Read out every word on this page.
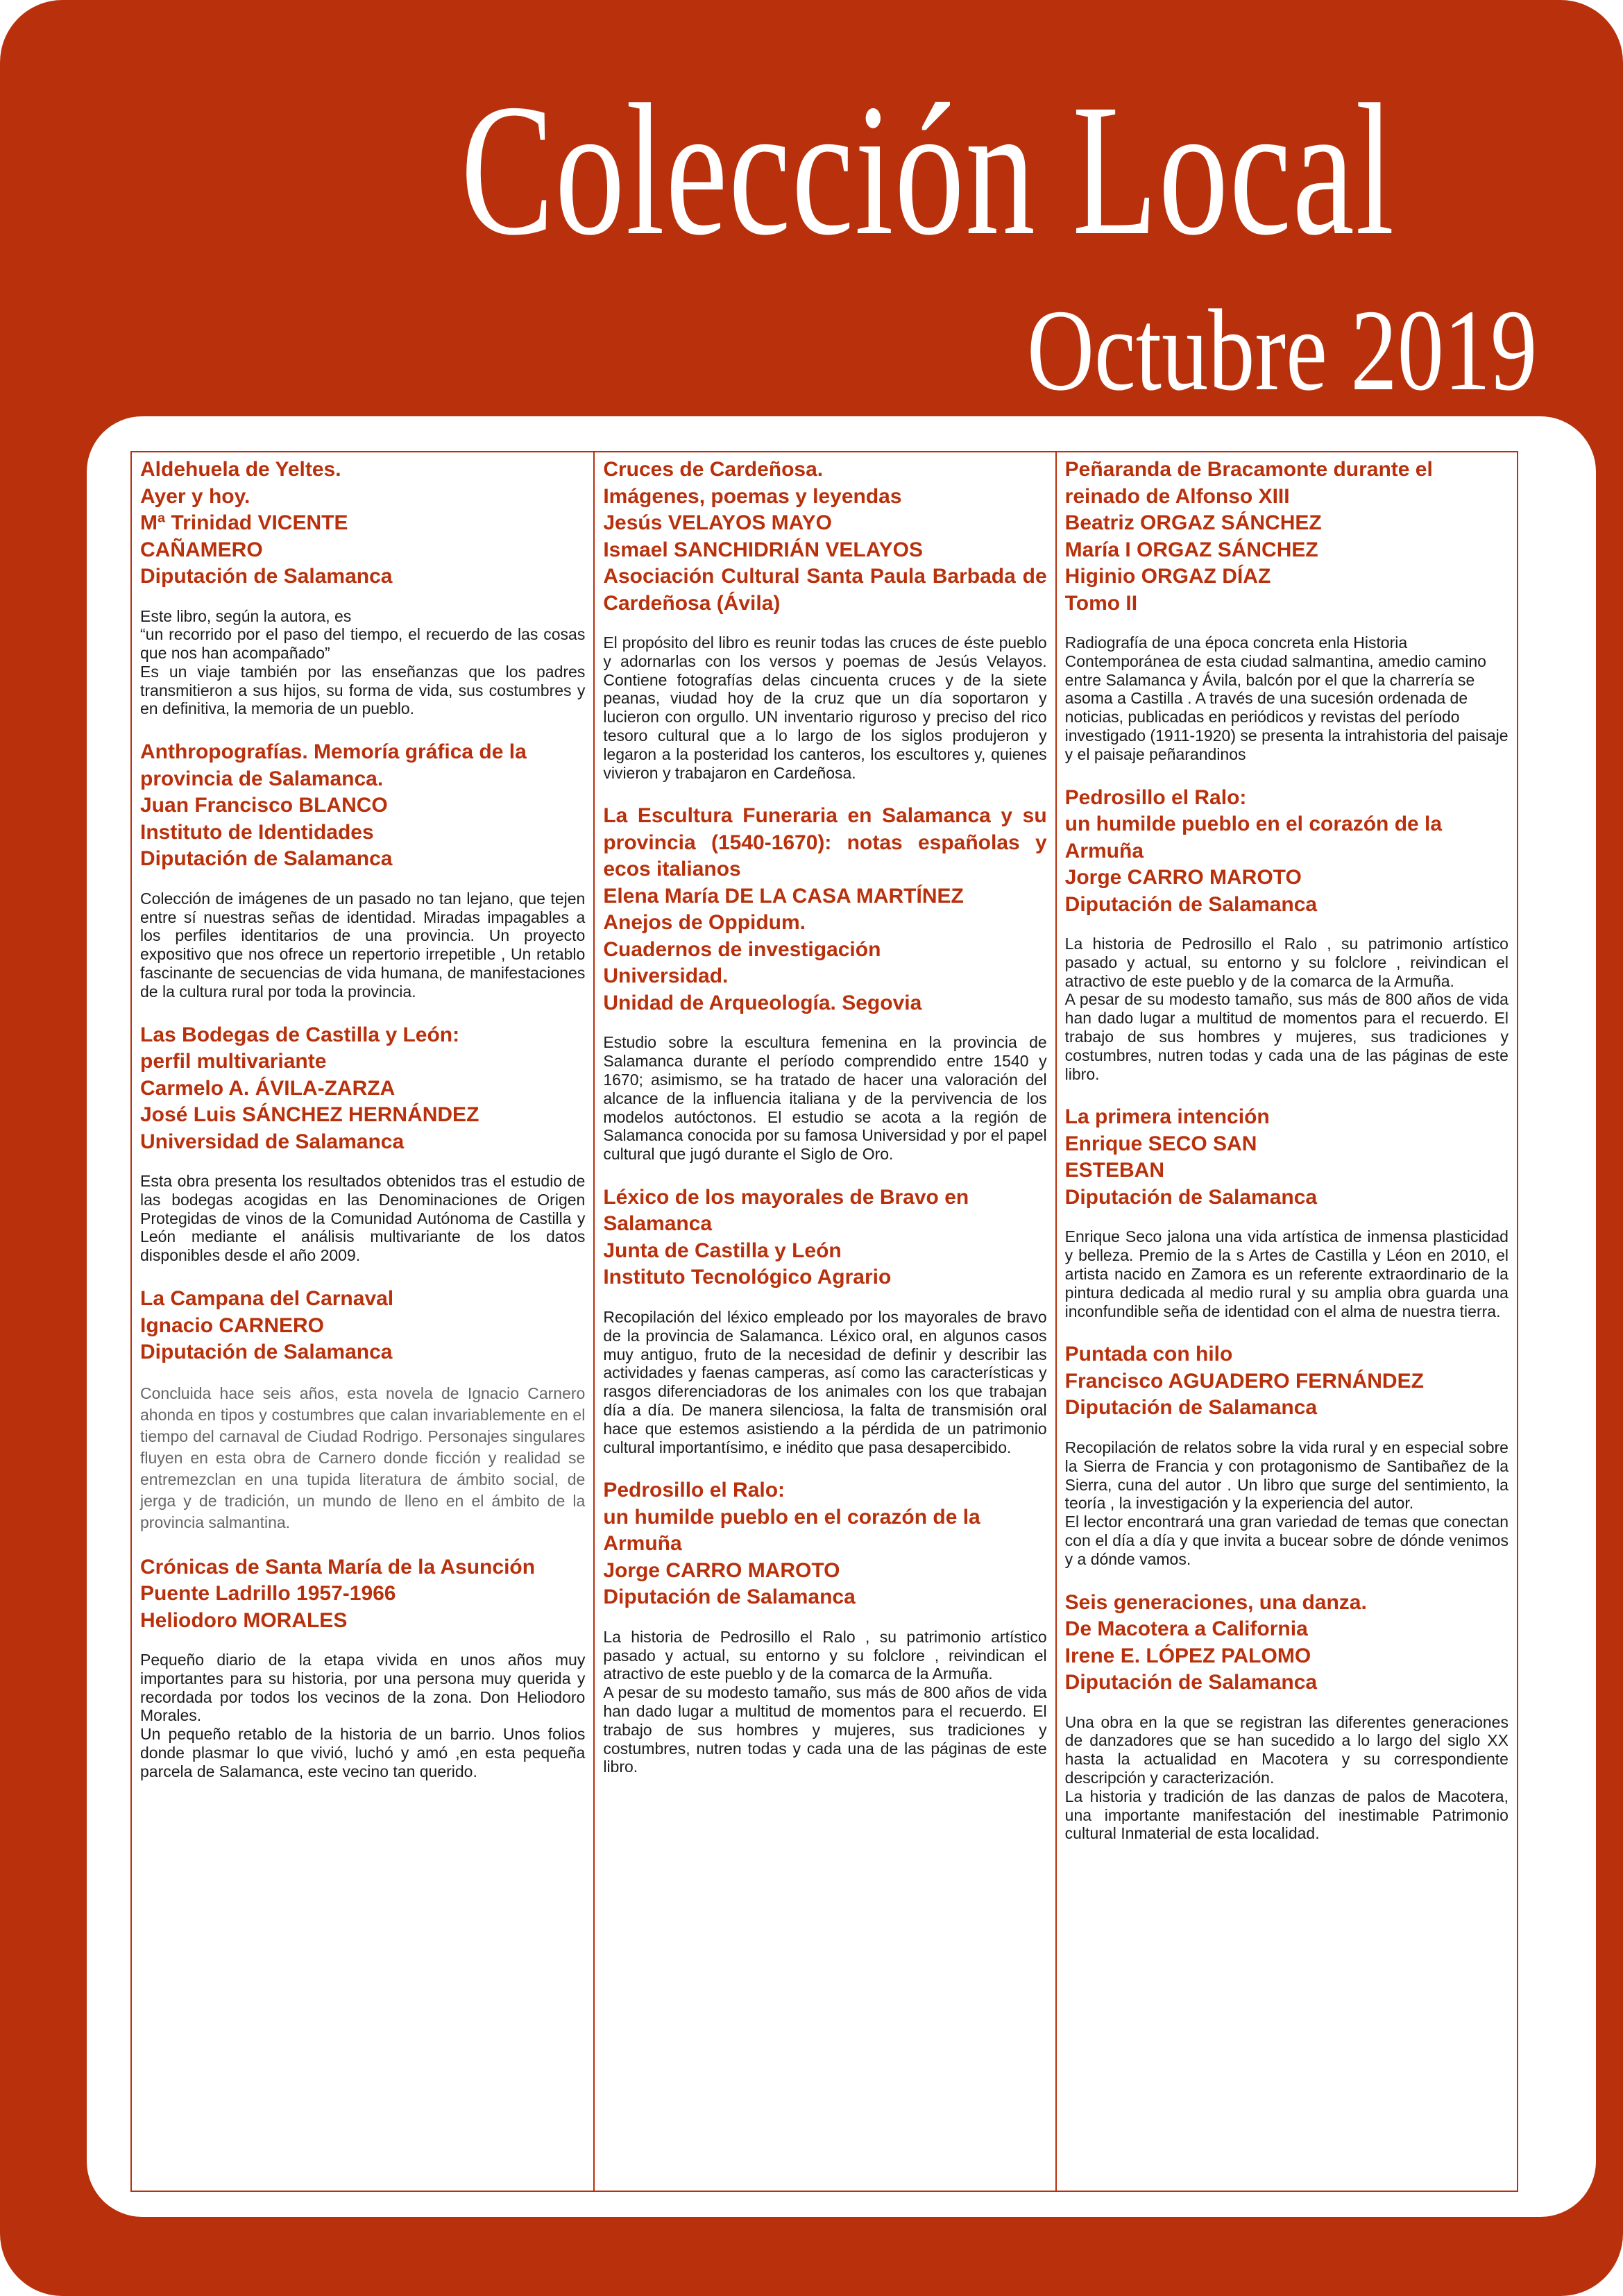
Colección Local
Octubre 2019
Aldehuela de Yeltes.
Ayer y hoy.
Mª Trinidad VICENTE
CAÑAMERO
Diputación de Salamanca
Este libro, según la autora, es
“un recorrido por el paso del tiempo, el recuerdo de las cosas que nos han acompañado”
Es un viaje también por las enseñanzas que los padres transmitieron a sus hijos, su forma de vida, sus costumbres y en definitiva, la memoria de un pueblo.
Anthropografías. Memoría gráfica de la provincia de Salamanca.
Juan Francisco BLANCO
Instituto de Identidades
Diputación de Salamanca
Colección de imágenes de un pasado no tan lejano, que tejen entre sí nuestras señas de identidad. Miradas impagables a los perfiles identitarios de una provincia. Un proyecto expositivo que nos ofrece un repertorio irrepetible , Un retablo fascinante de secuencias de vida humana, de manifestaciones de la cultura rural por toda la provincia.
Las Bodegas de Castilla y León:
perfil multivariante
Carmelo A. ÁVILA-ZARZA
José Luis SÁNCHEZ HERNÁNDEZ
Universidad de Salamanca
Esta obra presenta los resultados obtenidos tras el estudio de las bodegas acogidas en las Denominaciones de Origen Protegidas de vinos de la Comunidad Autónoma de Castilla y León mediante el análisis multivariante de los datos disponibles desde el año 2009.
La Campana del Carnaval
Ignacio CARNERO
Diputación de Salamanca
Concluida hace seis años, esta novela de Ignacio Carnero ahonda en tipos y costumbres que calan invariablemente en el tiempo del carnaval de Ciudad Rodrigo. Personajes singulares fluyen en esta obra de Carnero donde ficción y realidad se entremezclan en una tupida literatura de ámbito social, de jerga y de tradición, un mundo de lleno en el ámbito de la provincia salmantina.
Crónicas de Santa María de la Asunción
Puente Ladrillo 1957-1966
Heliodoro MORALES
Pequeño diario de la etapa vivida en unos años muy importantes para su historia, por una persona muy querida y recordada por todos los vecinos de la zona. Don Heliodoro Morales.
Un pequeño retablo de la historia de un barrio. Unos folios donde plasmar lo que vivió, luchó y amó ,en esta pequeña parcela de Salamanca, este vecino tan querido.
Cruces de Cardeñosa.
Imágenes, poemas y leyendas
Jesús VELAYOS MAYO
Ismael SANCHIDRIÁN VELAYOS
Asociación Cultural Santa Paula Barbada de Cardeñosa (Ávila)
El propósito del libro es reunir todas las cruces de éste pueblo y adornarlas con los versos y poemas de Jesús Velayos. Contiene fotografías delas cincuenta cruces y de la siete peanas, viudad hoy de la cruz que un día soportaron y lucieron con orgullo. UN inventario riguroso y preciso del rico tesoro cultural que a lo largo de los siglos produjeron y legaron a la posteridad los canteros, los escultores y, quienes vivieron y trabajaron en Cardeñosa.
La Escultura Funeraria en Salamanca y su provincia (1540-1670): notas españolas y ecos italianos
Elena María DE LA CASA MARTÍNEZ
Anejos de Oppidum.
Cuadernos de investigación
Universidad.
Unidad de Arqueología. Segovia
Estudio sobre la escultura femenina en la provincia de Salamanca durante el período comprendido entre 1540 y 1670; asimismo, se ha tratado de hacer una valoración del alcance de la influencia italiana y de la pervivencia de los modelos autóctonos. El estudio se acota a la región de Salamanca conocida por su famosa Universidad y por el papel cultural que jugó durante el Siglo de Oro.
Léxico de los mayorales de Bravo en Salamanca
Junta de Castilla y León
Instituto Tecnológico Agrario
Recopilación del léxico empleado por los mayorales de bravo de la provincia de Salamanca. Léxico oral, en algunos casos muy antiguo, fruto de la necesidad de definir y describir las actividades y faenas camperas, así como las características y rasgos diferenciadoras de los animales con los que trabajan día a día. De manera silenciosa, la falta de transmisión oral hace que estemos asistiendo a la pérdida de un patrimonio cultural importantísimo, e inédito que pasa desapercibido.
Pedrosillo el Ralo:
un humilde pueblo en el corazón de la Armuña
Jorge CARRO MAROTO
Diputación de Salamanca
La historia de Pedrosillo el Ralo , su patrimonio artístico pasado y actual, su entorno y su folclore , reivindican el atractivo de este pueblo y de la comarca de la Armuña.
A pesar de su modesto tamaño, sus más de 800 años de vida han dado lugar a multitud de momentos para el recuerdo. El trabajo de sus hombres y mujeres, sus tradiciones y costumbres, nutren todas y cada una de las páginas de este libro.
Peñaranda de Bracamonte durante el reinado de Alfonso XIII
Beatriz ORGAZ SÁNCHEZ
María I ORGAZ SÁNCHEZ
Higinio ORGAZ DÍAZ
Tomo II
Radiografía de una época concreta enla Historia Contemporánea de esta ciudad salmantina, amedio camino entre Salamanca y Ávila, balcón por el que la charrería se asoma a Castilla . A través de una sucesión ordenada de noticias, publicadas en periódicos y revistas del período investigado (1911-1920) se presenta la intrahistoria del paisaje y el paisaje peñarandinos
Pedrosillo el Ralo:
un humilde pueblo en el corazón de la Armuña
Jorge CARRO MAROTO
Diputación de Salamanca
La historia de Pedrosillo el Ralo , su patrimonio artístico pasado y actual, su entorno y su folclore , reivindican el atractivo de este pueblo y de la comarca de la Armuña.
A pesar de su modesto tamaño, sus más de 800 años de vida han dado lugar a multitud de momentos para el recuerdo. El trabajo de sus hombres y mujeres, sus tradiciones y costumbres, nutren todas y cada una de las páginas de este libro.
La primera intención
Enrique SECO SAN
ESTEBAN
Diputación de Salamanca
Enrique Seco jalona una vida artística de inmensa plasticidad y belleza. Premio de la s Artes de Castilla y Léon en 2010, el artista nacido en Zamora es un referente extraordinario de la pintura dedicada al medio rural y su amplia obra guarda una inconfundible seña de identidad con el alma de nuestra tierra.
Puntada con hilo
Francisco AGUADERO FERNÁNDEZ
Diputación de Salamanca
Recopilación de relatos sobre la vida rural y en especial sobre la Sierra de Francia y con protagonismo de Santibañez de la Sierra, cuna del autor . Un libro que surge del sentimiento, la teoría , la investigación y la experiencia del autor.
El lector encontrará una gran variedad de temas que conectan con el día a día y que invita a bucear sobre de dónde venimos y a dónde vamos.
Seis generaciones, una danza.
De Macotera a California
Irene E. LÓPEZ PALOMO
Diputación de Salamanca
Una obra en la que se registran las diferentes generaciones de danzadores que se han sucedido a lo largo del siglo XX hasta la actualidad en Macotera y su correspondiente descripción y caracterización.
La historia y tradición de las danzas de palos de Macotera, una importante manifestación del inestimable Patrimonio cultural Inmaterial de esta localidad.
